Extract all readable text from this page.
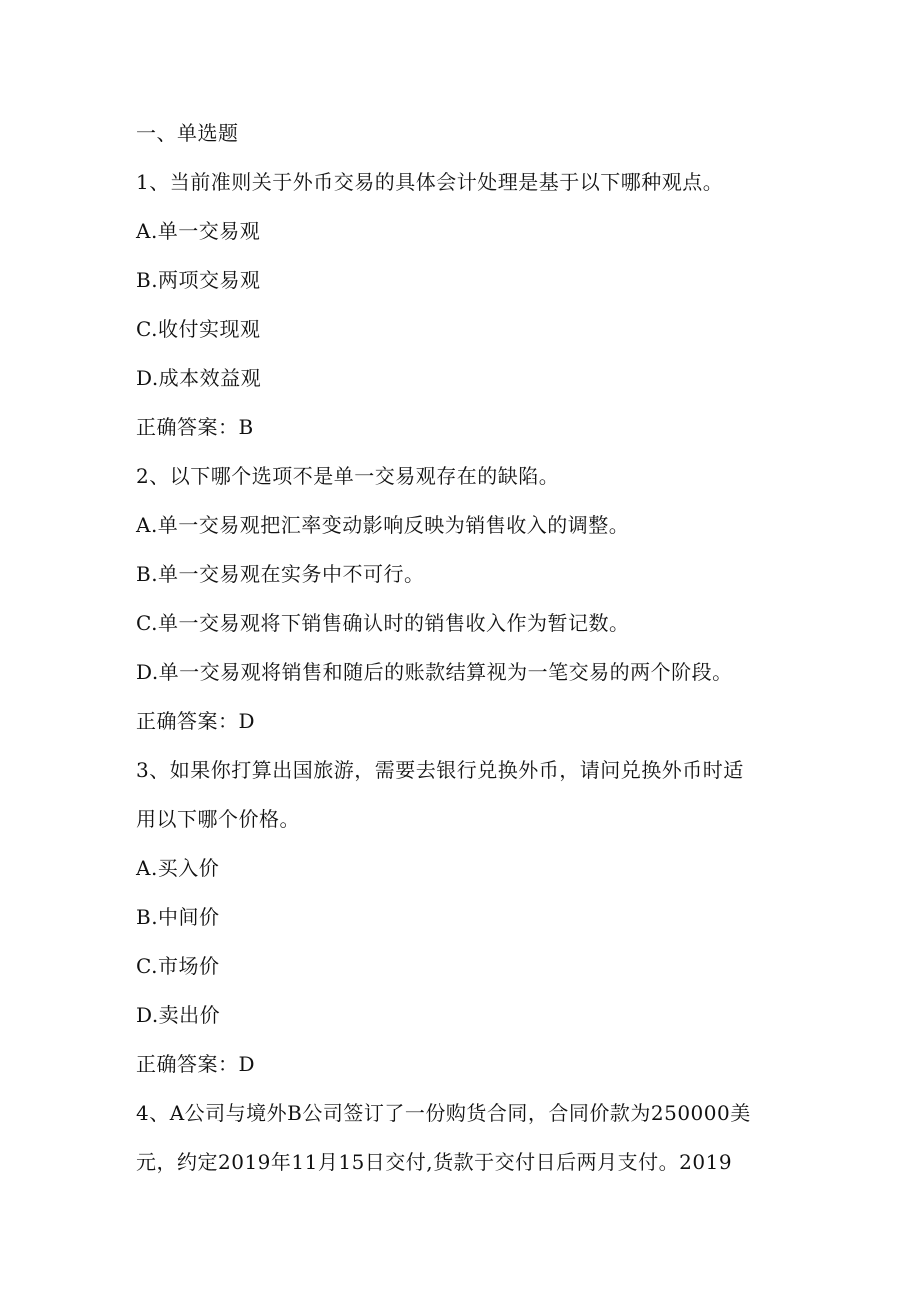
一、单选题
1、当前准则关于外币交易的具体会计处理是基于以下哪种观点。
A.单一交易观
B.两项交易观
C.收付实现观
D.成本效益观
正确答案：B
2、以下哪个选项不是单一交易观存在的缺陷。
A.单一交易观把汇率变动影响反映为销售收入的调整。
B.单一交易观在实务中不可行。
C.单一交易观将下销售确认时的销售收入作为暂记数。
D.单一交易观将销售和随后的账款结算视为一笔交易的两个阶段。
正确答案：D
3、如果你打算出国旅游，需要去银行兑换外币，请问兑换外币时适
用以下哪个价格。
A.买入价
B.中间价
C.市场价
D.卖出价
正确答案：D
4、A公司与境外B公司签订了一份购货合同，合同价款为250000美
元，约定2019年11月15日交付,货款于交付日后两月支付。2019
